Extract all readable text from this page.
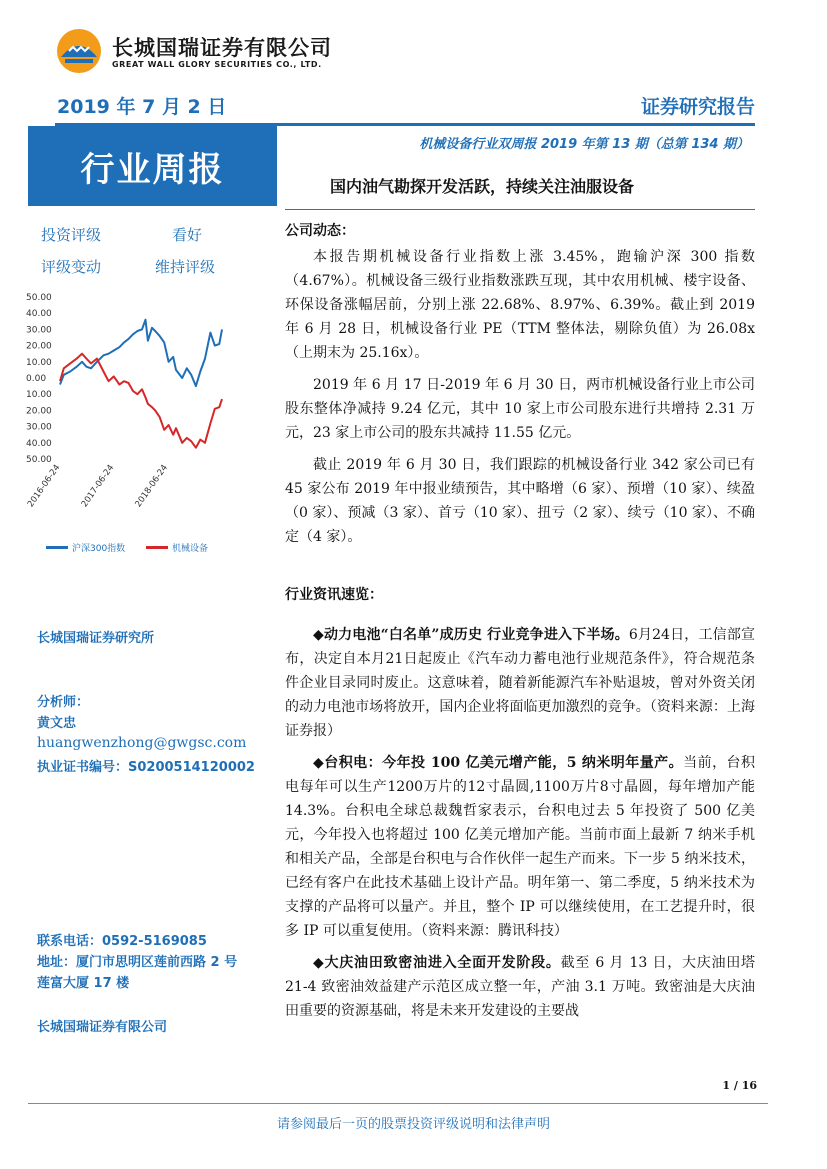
长城国瑞证券有限公司
GREAT WALL GLORY SECURITIES CO., LTD.
2019 年 7 月 2 日	证券研究报告
行业周报
投资评级	看好
评级变动	维持评级
50.00
40.00
30.00
20.00
10.00
0.00
10.00
20.00
30.00
40.00
50.00
2016-06-24 2017-06-24 2018-06-24
沪深300指数	机械设备
长城国瑞证券研究所
分析师：
黄文忠
huangwenzhong@gwgsc.com
执业证书编号：S0200514120002
联系电话：0592-5169085
地址：厦门市思明区莲前西路 2 号
莲富大厦 17 楼
长城国瑞证券有限公司
机械设备行业双周报 2019 年第 13 期（总第 134 期）
国内油气勘探开发活跃，持续关注油服设备
公司动态：

本报告期机械设备行业指数上涨 3.45%，跑输沪深 300 指数（4.67%）。机械设备三级行业指数涨跌互现，其中农用机械、楼宇设备、环保设备涨幅居前，分别上涨 22.68%、8.97%、6.39%。截止到 2019 年 6 月 28 日，机械设备行业 PE（TTM 整体法，剔除负值）为 26.08x（上期末为 25.16x）。

2019 年 6 月 17 日-2019 年 6 月 30 日，两市机械设备行业上市公司股东整体净减持 9.24 亿元，其中 10 家上市公司股东进行共增持 2.31 万元，23 家上市公司的股东共减持 11.55 亿元。

截止 2019 年 6 月 30 日，我们跟踪的机械设备行业 342 家公司已有 45 家公布 2019 年中报业绩预告，其中略增（6 家）、预增（10 家）、续盈（0 家）、预减（3 家）、首亏（10 家）、扭亏（2 家）、续亏（10 家）、不确定（4 家）。

行业资讯速览：

◆动力电池“白名单”成历史 行业竞争进入下半场。6月24日，工信部宣布，决定自本月21日起废止《汽车动力蓄电池行业规范条件》，符合规范条件企业目录同时废止。这意味着，随着新能源汽车补贴退坡，曾对外资关闭的动力电池市场将放开，国内企业将面临更加激烈的竞争。（资料来源：上海证券报）

◆台积电：今年投 100 亿美元增产能，5 纳米明年量产。当前，台积电每年可以生产1200万片的12寸晶圆,1100万片8寸晶圆，每年增加产能 14.3%。台积电全球总裁魏哲家表示，台积电过去 5 年投资了 500 亿美元，今年投入也将超过 100 亿美元增加产能。当前市面上最新 7 纳米手机和相关产品，全部是台积电与合作伙伴一起生产而来。下一步 5 纳米技术，已经有客户在此技术基础上设计产品。明年第一、第二季度，5 纳米技术为支撑的产品将可以量产。并且，整个 IP 可以继续使用，在工艺提升时，很多 IP 可以重复使用。（资料来源：腾讯科技）

◆大庆油田致密油进入全面开发阶段。截至 6 月 13 日，大庆油田塔 21-4 致密油效益建产示范区成立整一年，产油 3.1 万吨。致密油是大庆油田重要的资源基础，将是未来开发建设的主要战

1 / 16
请参阅最后一页的股票投资评级说明和法律声明
